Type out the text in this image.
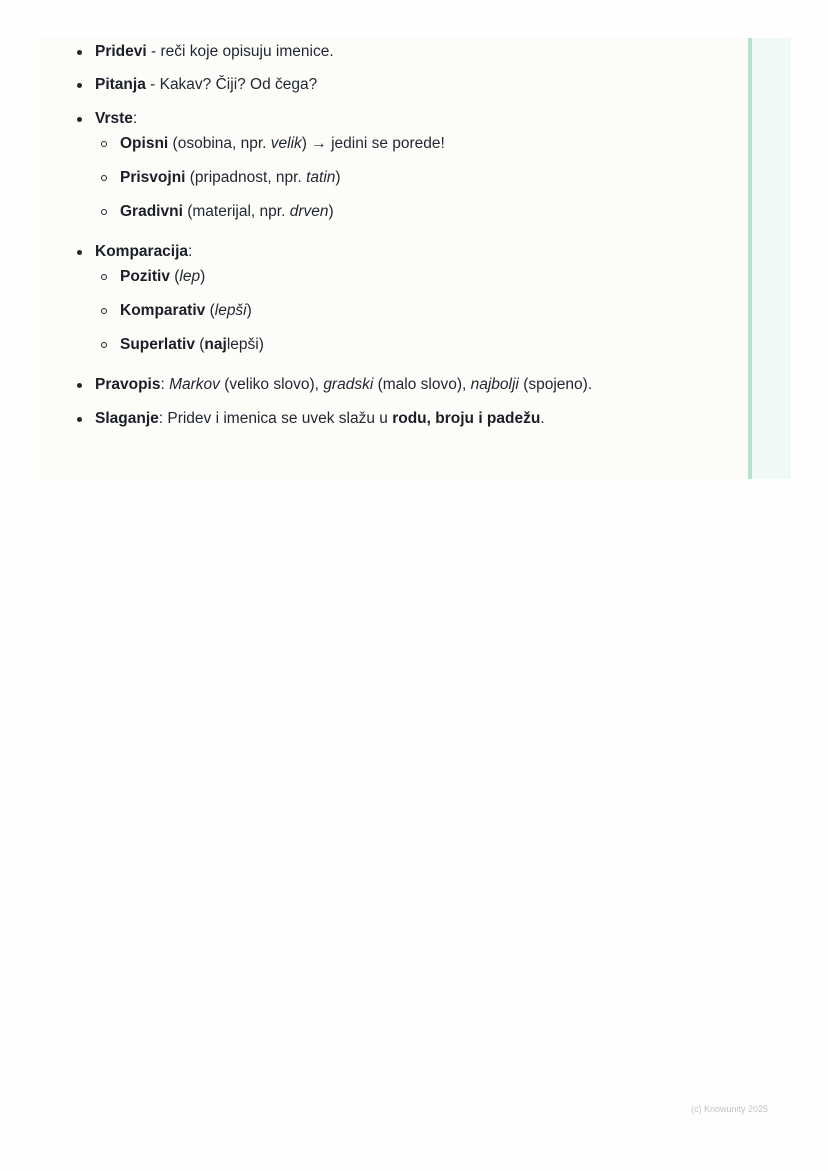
Pridevi - reči koje opisuju imenice.
Pitanja - Kakav? Čiji? Od čega?
Vrste:
Opisni (osobina, npr. velik) → jedini se porede!
Prisvojni (pripadnost, npr. tatin)
Gradivni (materijal, npr. drven)
Komparacija:
Pozitiv (lep)
Komparativ (lepši)
Superlativ (najlepši)
Pravopis: Markov (veliko slovo), gradski (malo slovo), najbolji (spojeno).
Slaganje: Pridev i imenica se uvek slažu u rodu, broju i padežu.
(c) Knowunity 2025
